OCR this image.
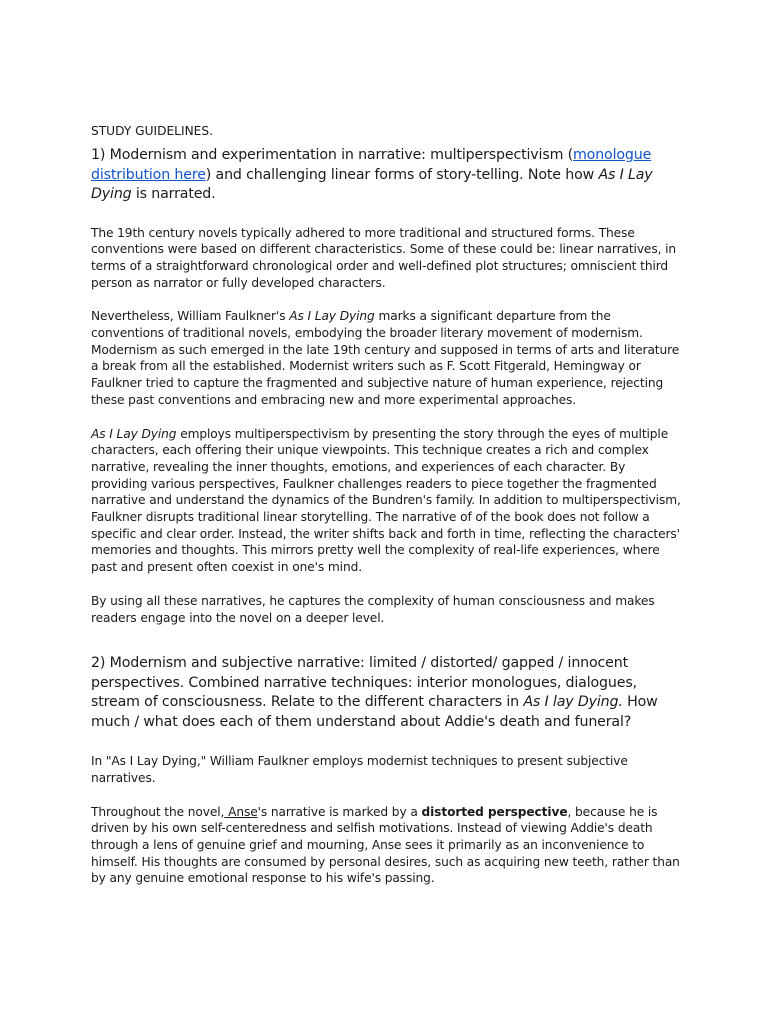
STUDY GUIDELINES.
1) Modernism and experimentation in narrative: multiperspectivism (monologue distribution here) and challenging linear forms of story-telling. Note how As I Lay Dying is narrated.

The 19th century novels typically adhered to more traditional and structured forms. These conventions were based on different characteristics. Some of these could be: linear narratives, in terms of a straightforward chronological order and well-defined plot structures; omniscient third person as narrator or fully developed characters.

Nevertheless, William Faulkner's As I Lay Dying marks a significant departure from the conventions of traditional novels, embodying the broader literary movement of modernism. Modernism as such emerged in the late 19th century and supposed in terms of arts and literature a break from all the established. Modernist writers such as F. Scott Fitgerald, Hemingway or Faulkner tried to capture the fragmented and subjective nature of human experience, rejecting these past conventions and embracing new and more experimental approaches.

As I Lay Dying employs multiperspectivism by presenting the story through the eyes of multiple characters, each offering their unique viewpoints. This technique creates a rich and complex narrative, revealing the inner thoughts, emotions, and experiences of each character. By providing various perspectives, Faulkner challenges readers to piece together the fragmented narrative and understand the dynamics of the Bundren's family. In addition to multiperspectivism, Faulkner disrupts traditional linear storytelling. The narrative of of the book does not follow a specific and clear order. Instead, the writer shifts back and forth in time, reflecting the characters' memories and thoughts. This mirrors pretty well the complexity of real-life experiences, where past and present often coexist in one's mind.

By using all these narratives, he captures the complexity of human consciousness and makes readers engage into the novel on a deeper level.

2) Modernism and subjective narrative: limited / distorted/ gapped / innocent perspectives. Combined narrative techniques: interior monologues, dialogues, stream of consciousness. Relate to the different characters in As I lay Dying. How much / what does each of them understand about Addie's death and funeral?

In "As I Lay Dying," William Faulkner employs modernist techniques to present subjective narratives.

Throughout the novel, Anse's narrative is marked by a distorted perspective, because he is driven by his own self-centeredness and selfish motivations. Instead of viewing Addie's death through a lens of genuine grief and mourning, Anse sees it primarily as an inconvenience to himself. His thoughts are consumed by personal desires, such as acquiring new teeth, rather than by any genuine emotional response to his wife's passing.
